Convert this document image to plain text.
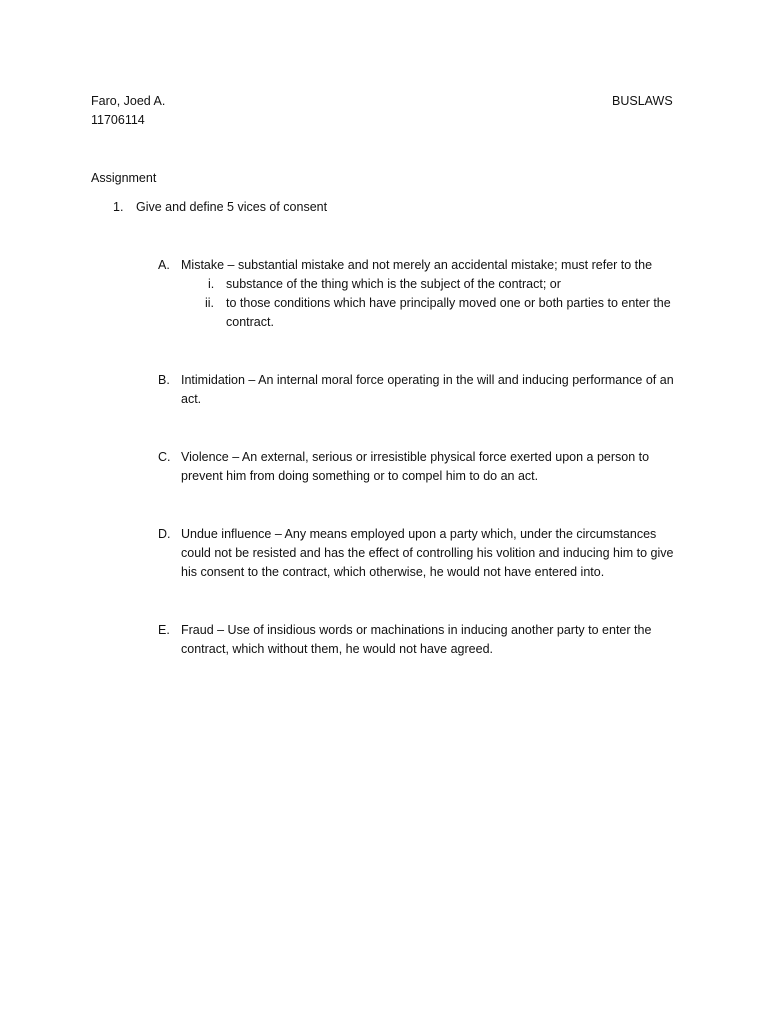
Faro, Joed A.
11706114
BUSLAWS
Assignment
1. Give and define 5 vices of consent
A. Mistake – substantial mistake and not merely an accidental mistake; must refer to the
i. substance of the thing which is the subject of the contract; or
ii. to those conditions which have principally moved one or both parties to enter the contract.
B. Intimidation – An internal moral force operating in the will and inducing performance of an act.
C. Violence – An external, serious or irresistible physical force exerted upon a person to prevent him from doing something or to compel him to do an act.
D. Undue influence – Any means employed upon a party which, under the circumstances could not be resisted and has the effect of controlling his volition and inducing him to give his consent to the contract, which otherwise, he would not have entered into.
E. Fraud – Use of insidious words or machinations in inducing another party to enter the contract, which without them, he would not have agreed.
